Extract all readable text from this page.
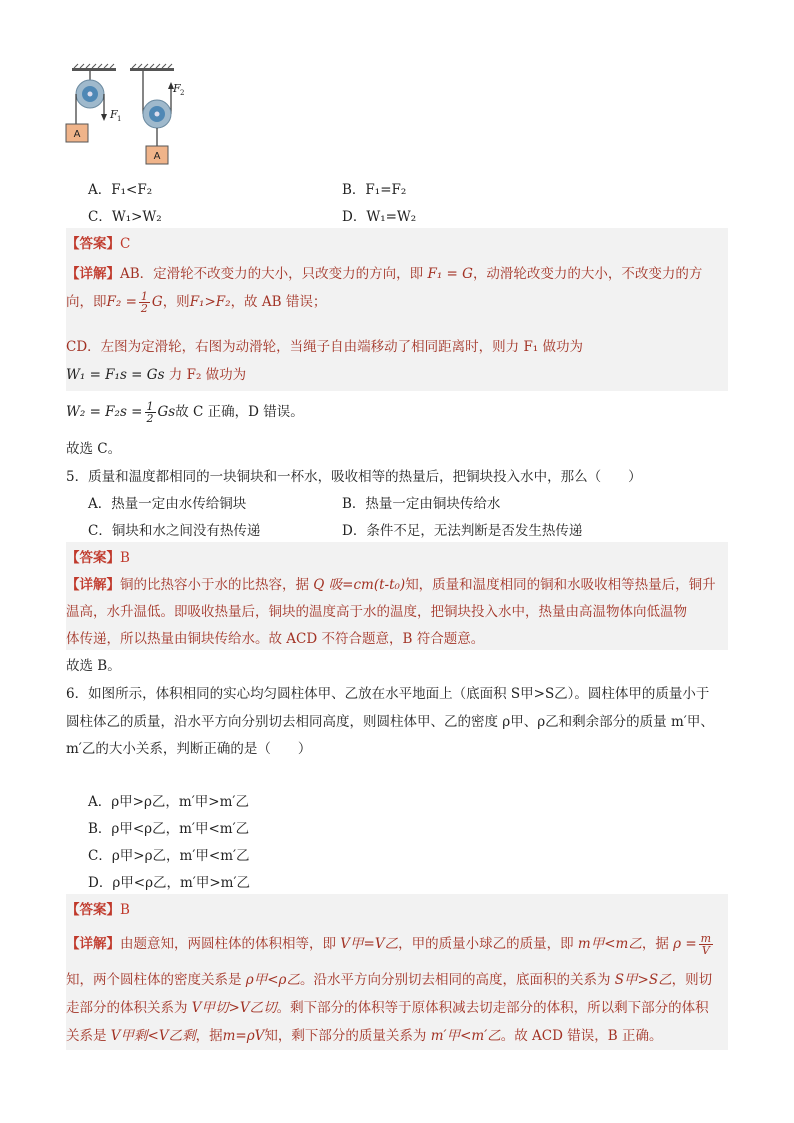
F 1
A
F 2
A
A．F₁<F₂	B．F₁=F₂
C．W₁>W₂	D．W₁=W₂
【答案】C
【详解】AB．定滑轮不改变力的大小，只改变力的方向，即 F₁ = G，动滑轮改变力的大小，不改变力的方
向，即$F_2 = \frac{1}{2}$ G，则F₁>F₂，故 AB 错误；
CD．左图为定滑轮，右图为动滑轮，当绳子自由端移动了相同距离时，则力 F₁ 做功为
W₁ = F₁s = Gs 力 F₂ 做功为
$W_2 = F_2s = \frac{1}{2}$ Gs故 C 正确，D 错误。
故选 C。
5．质量和温度都相同的一块铜块和一杯水，吸收相等的热量后，把铜块投入水中，那么（　　）
A．热量一定由水传给铜块	B．热量一定由铜块传给水
C．铜块和水之间没有热传递	D．条件不足，无法判断是否发生热传递
【答案】B
【详解】铜的比热容小于水的比热容，据 Q 吸=cm(t-t₀)知，质量和温度相同的铜和水吸收相等热量后，铜升
温高，水升温低。即吸收热量后，铜块的温度高于水的温度，把铜块投入水中，热量由高温物体向低温物
体传递，所以热量由铜块传给水。故 ACD 不符合题意，B 符合题意。
故选 B。
6．如图所示，体积相同的实心均匀圆柱体甲、乙放在水平地面上（底面积 S甲>S乙）。圆柱体甲的质量小于
圆柱体乙的质量，沿水平方向分别切去相同高度，则圆柱体甲、乙的密度 ρ甲、ρ乙和剩余部分的质量 m′甲、
m′乙的大小关系，判断正确的是（　　）
A．ρ甲>ρ乙，m′甲>m′乙
B．ρ甲<ρ乙，m′甲<m′乙
C．ρ甲>ρ乙，m′甲<m′乙
D．ρ甲<ρ乙，m′甲>m′乙
【答案】B
【详解】由题意知，两圆柱体的体积相等，即 V甲=V乙，甲的质量小球乙的质量，即 m甲<m乙，据 $\rho = \frac{m}{V}$
知，两个圆柱体的密度关系是 ρ甲<ρ乙。沿水平方向分别切去相同的高度，底面积的关系为 S甲>S乙，则切
走部分的体积关系为 V甲切>V乙切。剩下部分的体积等于原体积减去切走部分的体积，所以剩下部分的体积
关系是 V甲剩<V乙剩，据m=ρV知，剩下部分的质量关系为 m′甲<m′乙。故 ACD 错误，B 正确。
